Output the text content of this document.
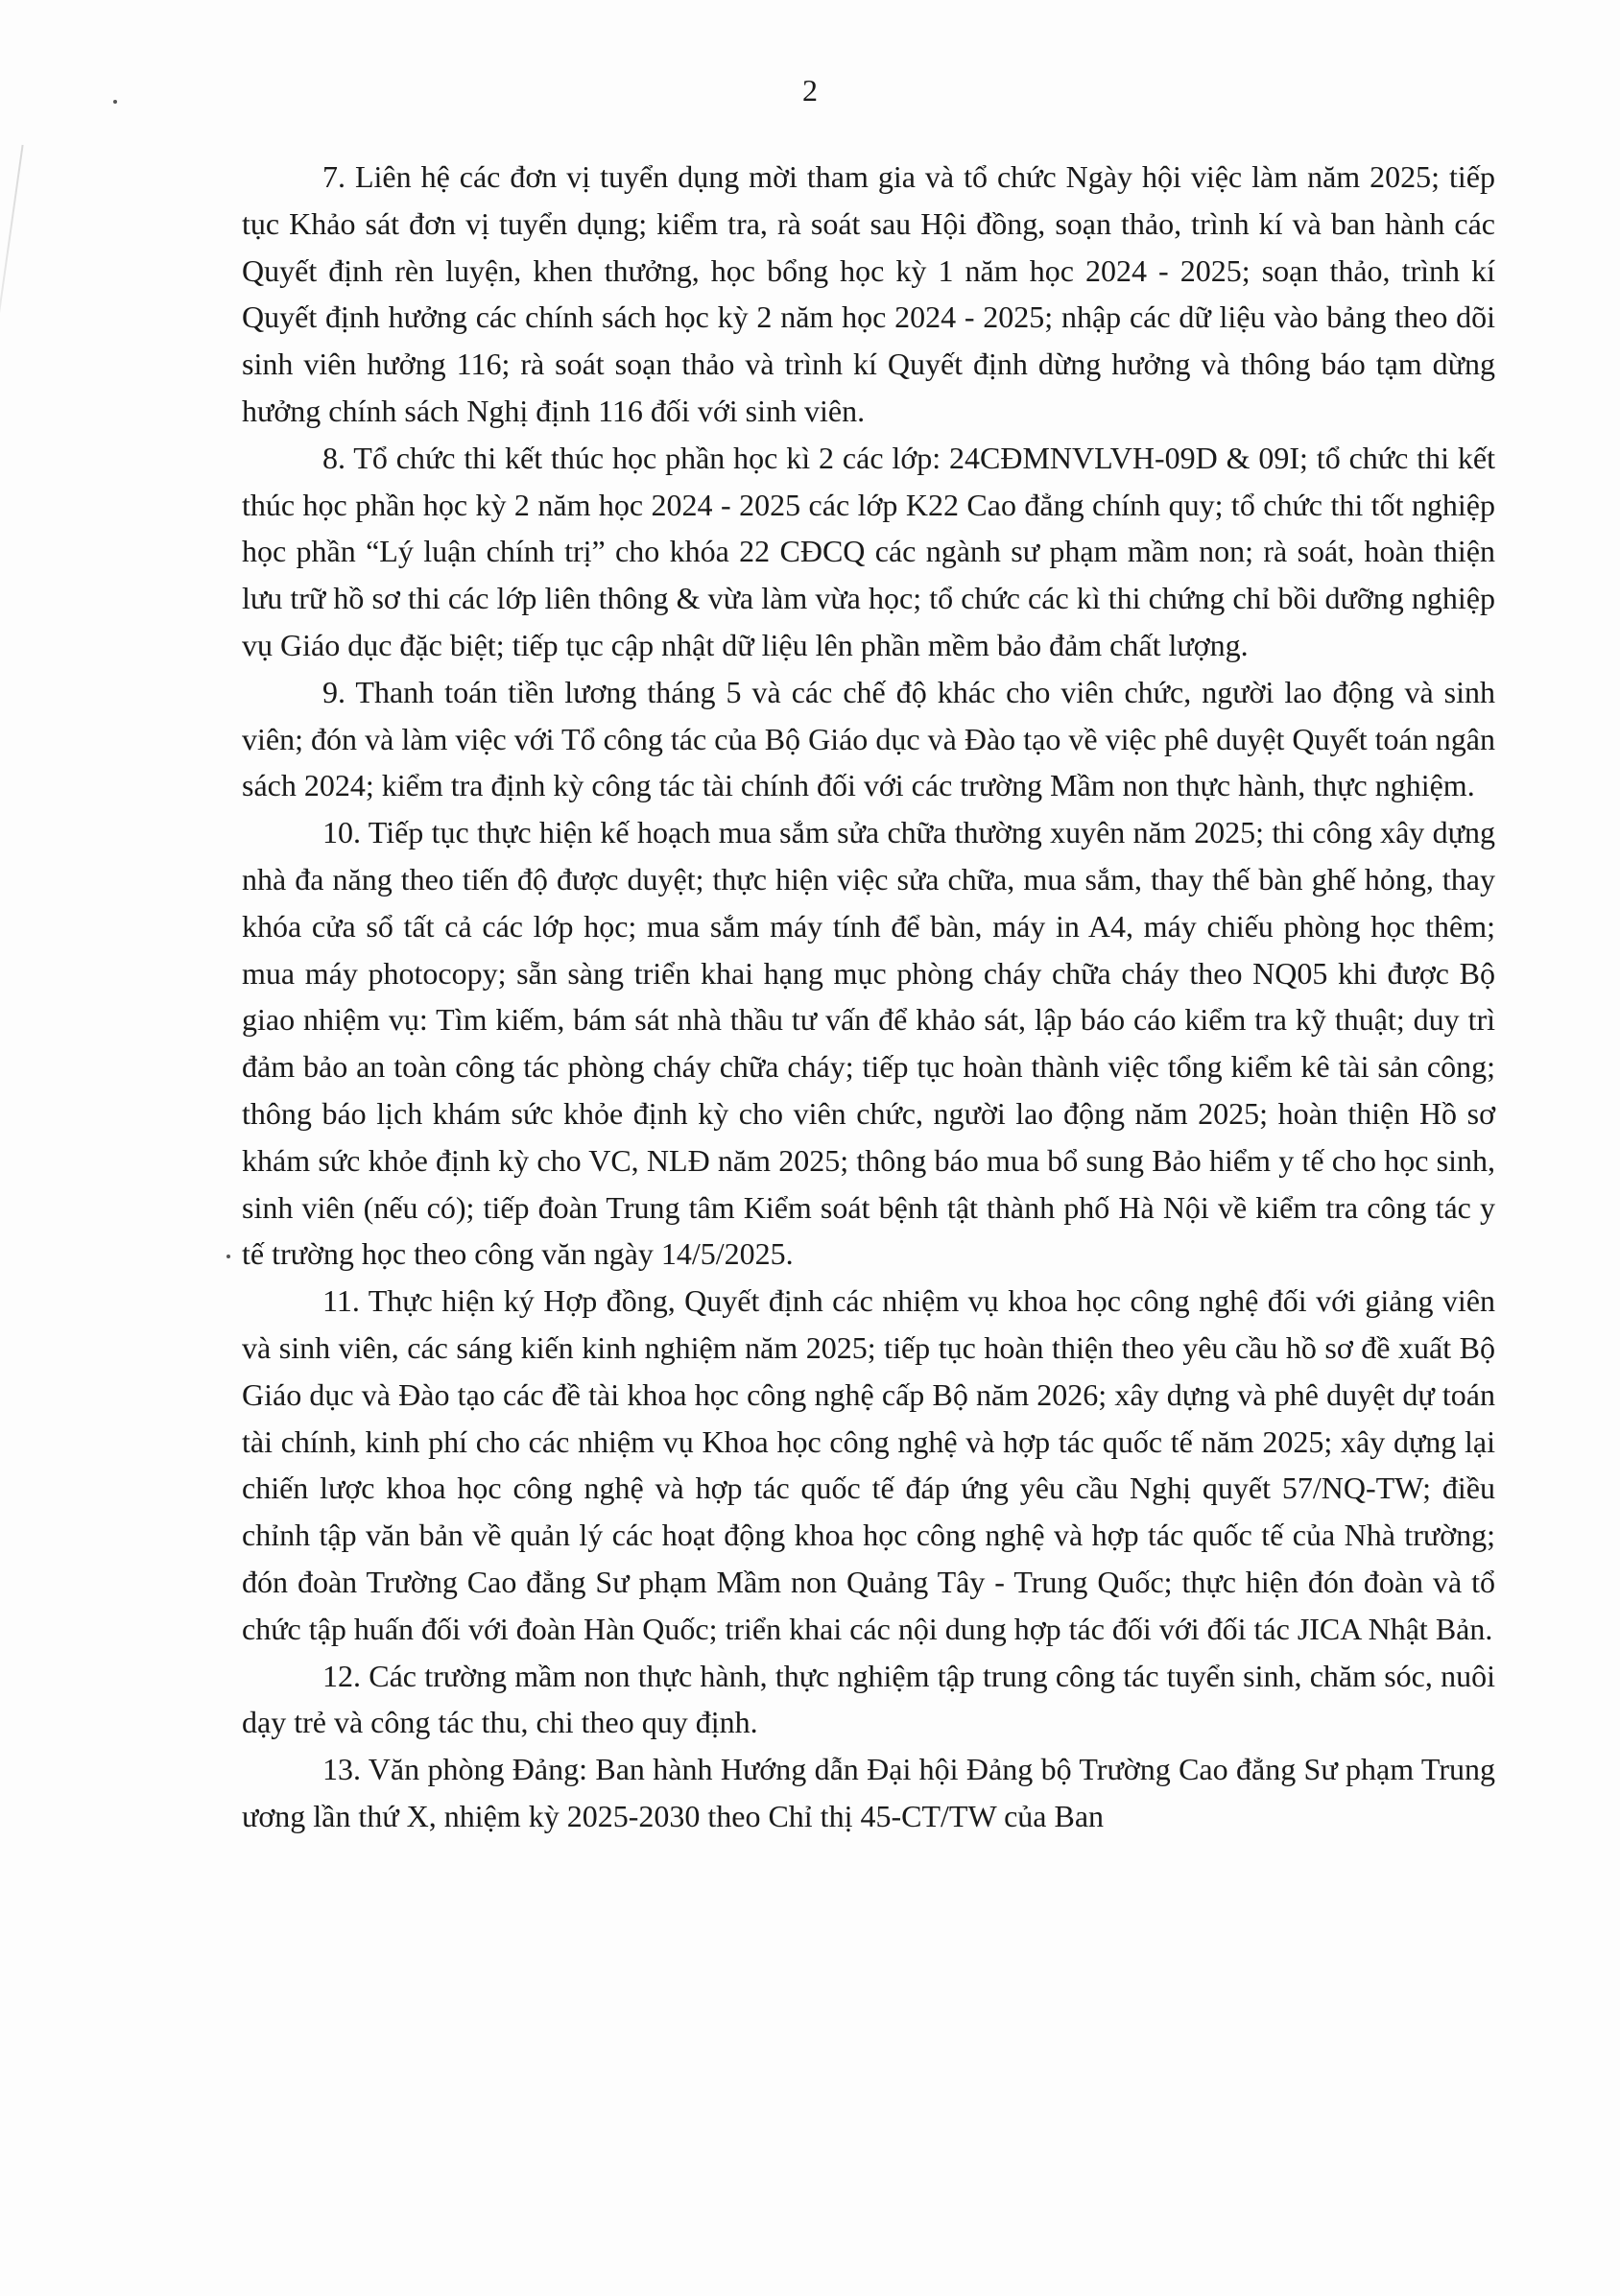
2

7. Liên hệ các đơn vị tuyển dụng mời tham gia và tổ chức Ngày hội việc làm năm 2025; tiếp tục Khảo sát đơn vị tuyển dụng; kiểm tra, rà soát sau Hội đồng, soạn thảo, trình kí và ban hành các Quyết định rèn luyện, khen thưởng, học bổng học kỳ 1 năm học 2024 - 2025; soạn thảo, trình kí Quyết định hưởng các chính sách học kỳ 2 năm học 2024 - 2025; nhập các dữ liệu vào bảng theo dõi sinh viên hưởng 116; rà soát soạn thảo và trình kí Quyết định dừng hưởng và thông báo tạm dừng hưởng chính sách Nghị định 116 đối với sinh viên.

8. Tổ chức thi kết thúc học phần học kì 2 các lớp: 24CĐMNVLVH-09D & 09I; tổ chức thi kết thúc học phần học kỳ 2 năm học 2024 - 2025 các lớp K22 Cao đẳng chính quy; tổ chức thi tốt nghiệp học phần “Lý luận chính trị” cho khóa 22 CĐCQ các ngành sư phạm mầm non; rà soát, hoàn thiện lưu trữ hồ sơ thi các lớp liên thông & vừa làm vừa học; tổ chức các kì thi chứng chỉ bồi dưỡng nghiệp vụ Giáo dục đặc biệt; tiếp tục cập nhật dữ liệu lên phần mềm bảo đảm chất lượng.

9. Thanh toán tiền lương tháng 5 và các chế độ khác cho viên chức, người lao động và sinh viên; đón và làm việc với Tổ công tác của Bộ Giáo dục và Đào tạo về việc phê duyệt Quyết toán ngân sách 2024; kiểm tra định kỳ công tác tài chính đối với các trường Mầm non thực hành, thực nghiệm.

10. Tiếp tục thực hiện kế hoạch mua sắm sửa chữa thường xuyên năm 2025; thi công xây dựng nhà đa năng theo tiến độ được duyệt; thực hiện việc sửa chữa, mua sắm, thay thế bàn ghế hỏng, thay khóa cửa sổ tất cả các lớp học; mua sắm máy tính để bàn, máy in A4, máy chiếu phòng học thêm; mua máy photocopy; sẵn sàng triển khai hạng mục phòng cháy chữa cháy theo NQ05 khi được Bộ giao nhiệm vụ: Tìm kiếm, bám sát nhà thầu tư vấn để khảo sát, lập báo cáo kiểm tra kỹ thuật; duy trì đảm bảo an toàn công tác phòng cháy chữa cháy; tiếp tục hoàn thành việc tổng kiểm kê tài sản công; thông báo lịch khám sức khỏe định kỳ cho viên chức, người lao động năm 2025; hoàn thiện Hồ sơ khám sức khỏe định kỳ cho VC, NLĐ năm 2025; thông báo mua bổ sung Bảo hiểm y tế cho học sinh, sinh viên (nếu có); tiếp đoàn Trung tâm Kiểm soát bệnh tật thành phố Hà Nội về kiểm tra công tác y tế trường học theo công văn ngày 14/5/2025.

11. Thực hiện ký Hợp đồng, Quyết định các nhiệm vụ khoa học công nghệ đối với giảng viên và sinh viên, các sáng kiến kinh nghiệm năm 2025; tiếp tục hoàn thiện theo yêu cầu hồ sơ đề xuất Bộ Giáo dục và Đào tạo các đề tài khoa học công nghệ cấp Bộ năm 2026; xây dựng và phê duyệt dự toán tài chính, kinh phí cho các nhiệm vụ Khoa học công nghệ và hợp tác quốc tế năm 2025; xây dựng lại chiến lược khoa học công nghệ và hợp tác quốc tế đáp ứng yêu cầu Nghị quyết 57/NQ-TW; điều chỉnh tập văn bản về quản lý các hoạt động khoa học công nghệ và hợp tác quốc tế của Nhà trường; đón đoàn Trường Cao đẳng Sư phạm Mầm non Quảng Tây - Trung Quốc; thực hiện đón đoàn và tổ chức tập huấn đối với đoàn Hàn Quốc; triển khai các nội dung hợp tác đối với đối tác JICA Nhật Bản.

12. Các trường mầm non thực hành, thực nghiệm tập trung công tác tuyển sinh, chăm sóc, nuôi dạy trẻ và công tác thu, chi theo quy định.

13. Văn phòng Đảng: Ban hành Hướng dẫn Đại hội Đảng bộ Trường Cao đẳng Sư phạm Trung ương lần thứ X, nhiệm kỳ 2025-2030 theo Chỉ thị 45-CT/TW của Ban
